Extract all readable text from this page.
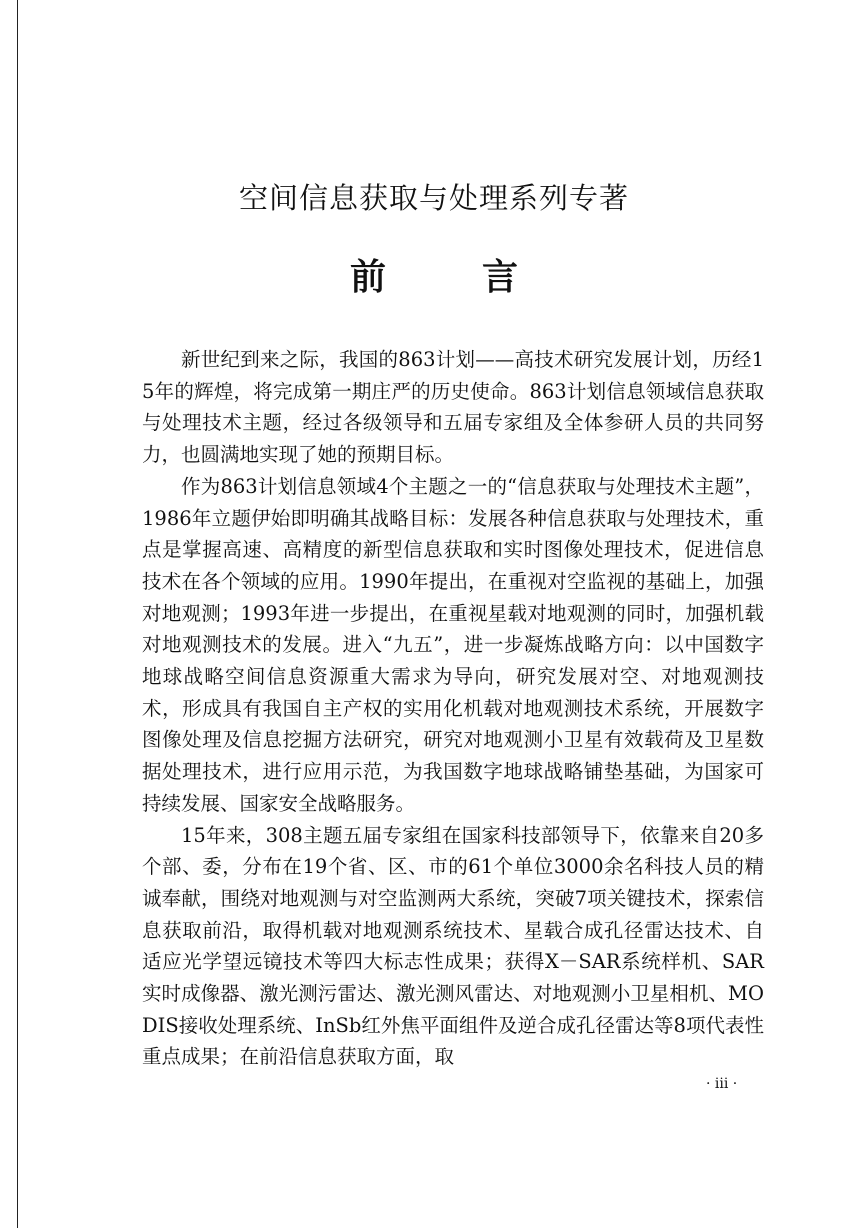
空间信息获取与处理系列专著
前言

新世纪到来之际，我国的863计划——高技术研究发展计划，历经15年的辉煌，将完成第一期庄严的历史使命。863计划信息领域信息获取与处理技术主题，经过各级领导和五届专家组及全体参研人员的共同努力，也圆满地实现了她的预期目标。

作为863计划信息领域4个主题之一的“信息获取与处理技术主题”，1986年立题伊始即明确其战略目标：发展各种信息获取与处理技术，重点是掌握高速、高精度的新型信息获取和实时图像处理技术，促进信息技术在各个领域的应用。1990年提出，在重视对空监视的基础上，加强对地观测；1993年进一步提出，在重视星载对地观测的同时，加强机载对地观测技术的发展。进入“九五”，进一步凝炼战略方向：以中国数字地球战略空间信息资源重大需求为导向，研究发展对空、对地观测技术，形成具有我国自主产权的实用化机载对地观测技术系统，开展数字图像处理及信息挖掘方法研究，研究对地观测小卫星有效载荷及卫星数据处理技术，进行应用示范，为我国数字地球战略铺垫基础，为国家可持续发展、国家安全战略服务。

15年来，308主题五届专家组在国家科技部领导下，依靠来自20多个部、委，分布在19个省、区、市的61个单位3000余名科技人员的精诚奉献，围绕对地观测与对空监测两大系统，突破7项关键技术，探索信息获取前沿，取得机载对地观测系统技术、星载合成孔径雷达技术、自适应光学望远镜技术等四大标志性成果；获得X－SAR系统样机、SAR实时成像器、激光测污雷达、激光测风雷达、对地观测小卫星相机、MODIS接收处理系统、InSb红外焦平面组件及逆合成孔径雷达等8项代表性重点成果；在前沿信息获取方面，取

· iii ·
